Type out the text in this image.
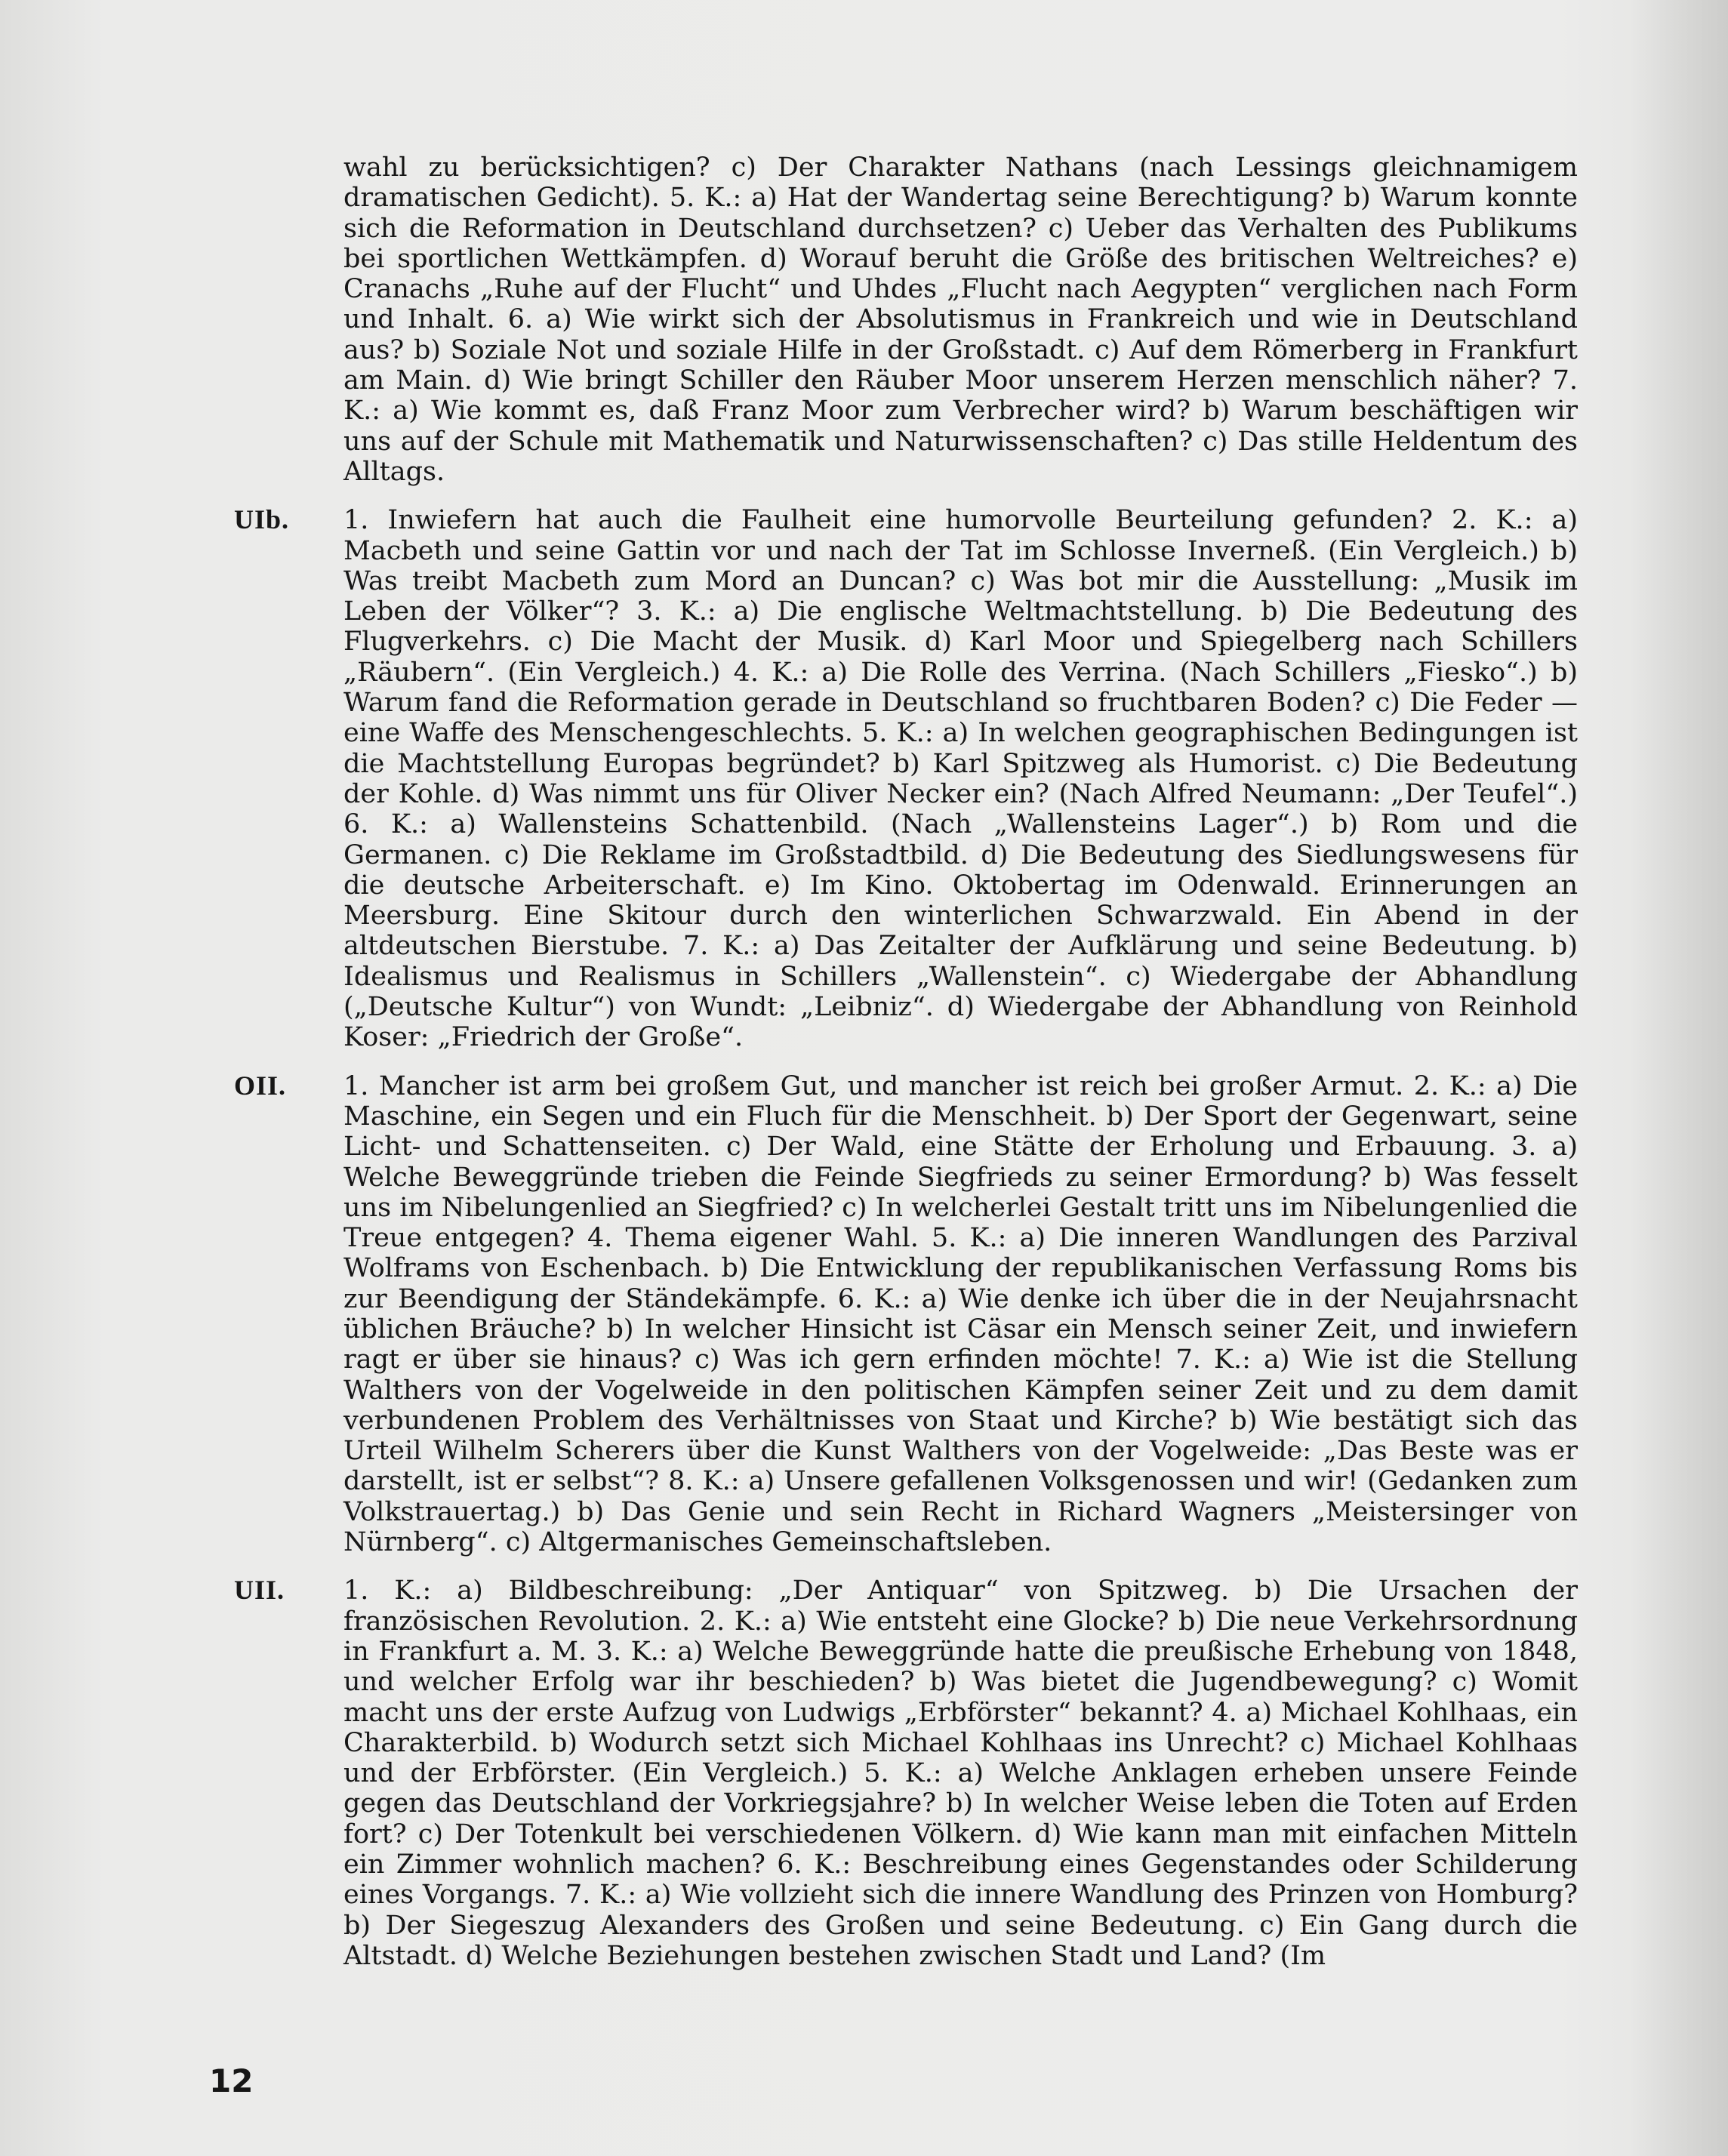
wahl zu berücksichtigen? c) Der Charakter Nathans (nach Lessings gleichnamigem dramatischen Gedicht). 5. K.: a) Hat der Wandertag seine Berechtigung? b) Warum konnte sich die Reformation in Deutschland durchsetzen? c) Ueber das Verhalten des Publikums bei sportlichen Wettkämpfen. d) Worauf beruht die Größe des britischen Weltreiches? e) Cranachs „Ruhe auf der Flucht“ und Uhdes „Flucht nach Aegypten“ verglichen nach Form und Inhalt. 6. a) Wie wirkt sich der Absolutismus in Frankreich und wie in Deutschland aus? b) Soziale Not und soziale Hilfe in der Großstadt. c) Auf dem Römerberg in Frankfurt am Main. d) Wie bringt Schiller den Räuber Moor unserem Herzen menschlich näher? 7. K.: a) Wie kommt es, daß Franz Moor zum Verbrecher wird? b) Warum beschäftigen wir uns auf der Schule mit Mathematik und Naturwissenschaften? c) Das stille Heldentum des Alltags.

UIb. 1. Inwiefern hat auch die Faulheit eine humorvolle Beurteilung gefunden? 2. K.: a) Macbeth und seine Gattin vor und nach der Tat im Schlosse Inverneß. (Ein Vergleich.) b) Was treibt Macbeth zum Mord an Duncan? c) Was bot mir die Ausstellung: „Musik im Leben der Völker“? 3. K.: a) Die englische Weltmachtstellung. b) Die Bedeutung des Flugverkehrs. c) Die Macht der Musik. d) Karl Moor und Spiegelberg nach Schillers „Räubern“. (Ein Vergleich.) 4. K.: a) Die Rolle des Verrina. (Nach Schillers „Fiesko“.) b) Warum fand die Reformation gerade in Deutschland so fruchtbaren Boden? c) Die Feder — eine Waffe des Menschengeschlechts. 5. K.: a) In welchen geographischen Bedingungen ist die Machtstellung Europas begründet? b) Karl Spitzweg als Humorist. c) Die Bedeutung der Kohle. d) Was nimmt uns für Oliver Necker ein? (Nach Alfred Neumann: „Der Teufel“.) 6. K.: a) Wallensteins Schattenbild. (Nach „Wallensteins Lager“.) b) Rom und die Germanen. c) Die Reklame im Großstadtbild. d) Die Bedeutung des Siedlungswesens für die deutsche Arbeiterschaft. e) Im Kino. Oktobertag im Odenwald. Erinnerungen an Meersburg. Eine Skitour durch den winterlichen Schwarzwald. Ein Abend in der altdeutschen Bierstube. 7. K.: a) Das Zeitalter der Aufklärung und seine Bedeutung. b) Idealismus und Realismus in Schillers „Wallenstein“. c) Wiedergabe der Abhandlung („Deutsche Kultur“) von Wundt: „Leibniz“. d) Wiedergabe der Abhandlung von Reinhold Koser: „Friedrich der Große“.

OII. 1. Mancher ist arm bei großem Gut, und mancher ist reich bei großer Armut. 2. K.: a) Die Maschine, ein Segen und ein Fluch für die Menschheit. b) Der Sport der Gegenwart, seine Licht- und Schattenseiten. c) Der Wald, eine Stätte der Erholung und Erbauung. 3. a) Welche Beweggründe trieben die Feinde Siegfrieds zu seiner Ermordung? b) Was fesselt uns im Nibelungenlied an Siegfried? c) In welcherlei Gestalt tritt uns im Nibelungenlied die Treue entgegen? 4. Thema eigener Wahl. 5. K.: a) Die inneren Wandlungen des Parzival Wolframs von Eschenbach. b) Die Entwicklung der republikanischen Verfassung Roms bis zur Beendigung der Ständekämpfe. 6. K.: a) Wie denke ich über die in der Neujahrsnacht üblichen Bräuche? b) In welcher Hinsicht ist Cäsar ein Mensch seiner Zeit, und inwiefern ragt er über sie hinaus? c) Was ich gern erfinden möchte! 7. K.: a) Wie ist die Stellung Walthers von der Vogelweide in den politischen Kämpfen seiner Zeit und zu dem damit verbundenen Problem des Verhältnisses von Staat und Kirche? b) Wie bestätigt sich das Urteil Wilhelm Scherers über die Kunst Walthers von der Vogelweide: „Das Beste was er darstellt, ist er selbst“? 8. K.: a) Unsere gefallenen Volksgenossen und wir! (Gedanken zum Volkstrauertag.) b) Das Genie und sein Recht in Richard Wagners „Meistersinger von Nürnberg“. c) Altgermanisches Gemeinschaftsleben.

UII. 1. K.: a) Bildbeschreibung: „Der Antiquar“ von Spitzweg. b) Die Ursachen der französischen Revolution. 2. K.: a) Wie entsteht eine Glocke? b) Die neue Verkehrsordnung in Frankfurt a. M. 3. K.: a) Welche Beweggründe hatte die preußische Erhebung von 1848, und welcher Erfolg war ihr beschieden? b) Was bietet die Jugendbewegung? c) Womit macht uns der erste Aufzug von Ludwigs „Erbförster“ bekannt? 4. a) Michael Kohlhaas, ein Charakterbild. b) Wodurch setzt sich Michael Kohlhaas ins Unrecht? c) Michael Kohlhaas und der Erbförster. (Ein Vergleich.) 5. K.: a) Welche Anklagen erheben unsere Feinde gegen das Deutschland der Vorkriegsjahre? b) In welcher Weise leben die Toten auf Erden fort? c) Der Totenkult bei verschiedenen Völkern. d) Wie kann man mit einfachen Mitteln ein Zimmer wohnlich machen? 6. K.: Beschreibung eines Gegenstandes oder Schilderung eines Vorgangs. 7. K.: a) Wie vollzieht sich die innere Wandlung des Prinzen von Homburg? b) Der Siegeszug Alexanders des Großen und seine Bedeutung. c) Ein Gang durch die Altstadt. d) Welche Beziehungen bestehen zwischen Stadt und Land? (Im

12
